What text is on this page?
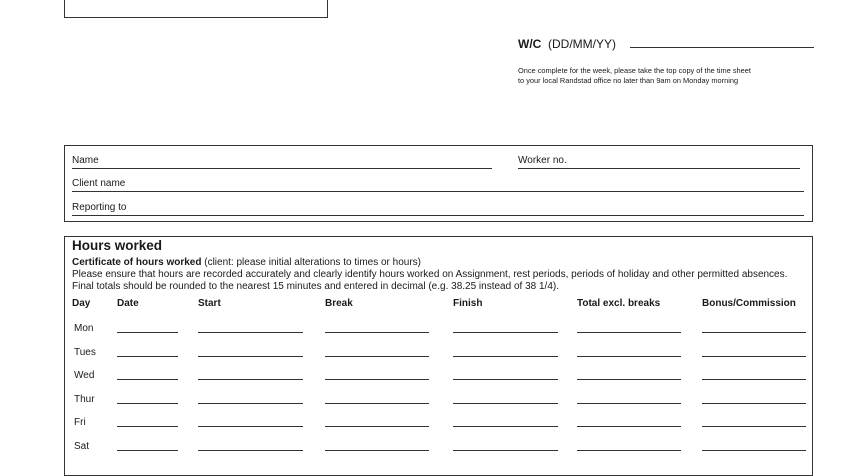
W/C (DD/MM/YY)
Once complete for the week, please take the top copy of the time sheet
to your local Randstad office no later than 9am on Monday morning
Name	Worker no.
Client name
Reporting to
Hours worked
Certificate of hours worked (client: please initial alterations to times or hours)
Please ensure that hours are recorded accurately and clearly identify hours worked on Assignment, rest periods, periods of holiday and other permitted absences.
Final totals should be rounded to the nearest 15 minutes and entered in decimal (e.g. 38.25 instead of 38 1/4).
Day	Date	Start	Break	Finish	Total excl. breaks	Bonus/Commission
Mon
Tues
Wed
Thur
Fri
Sat
